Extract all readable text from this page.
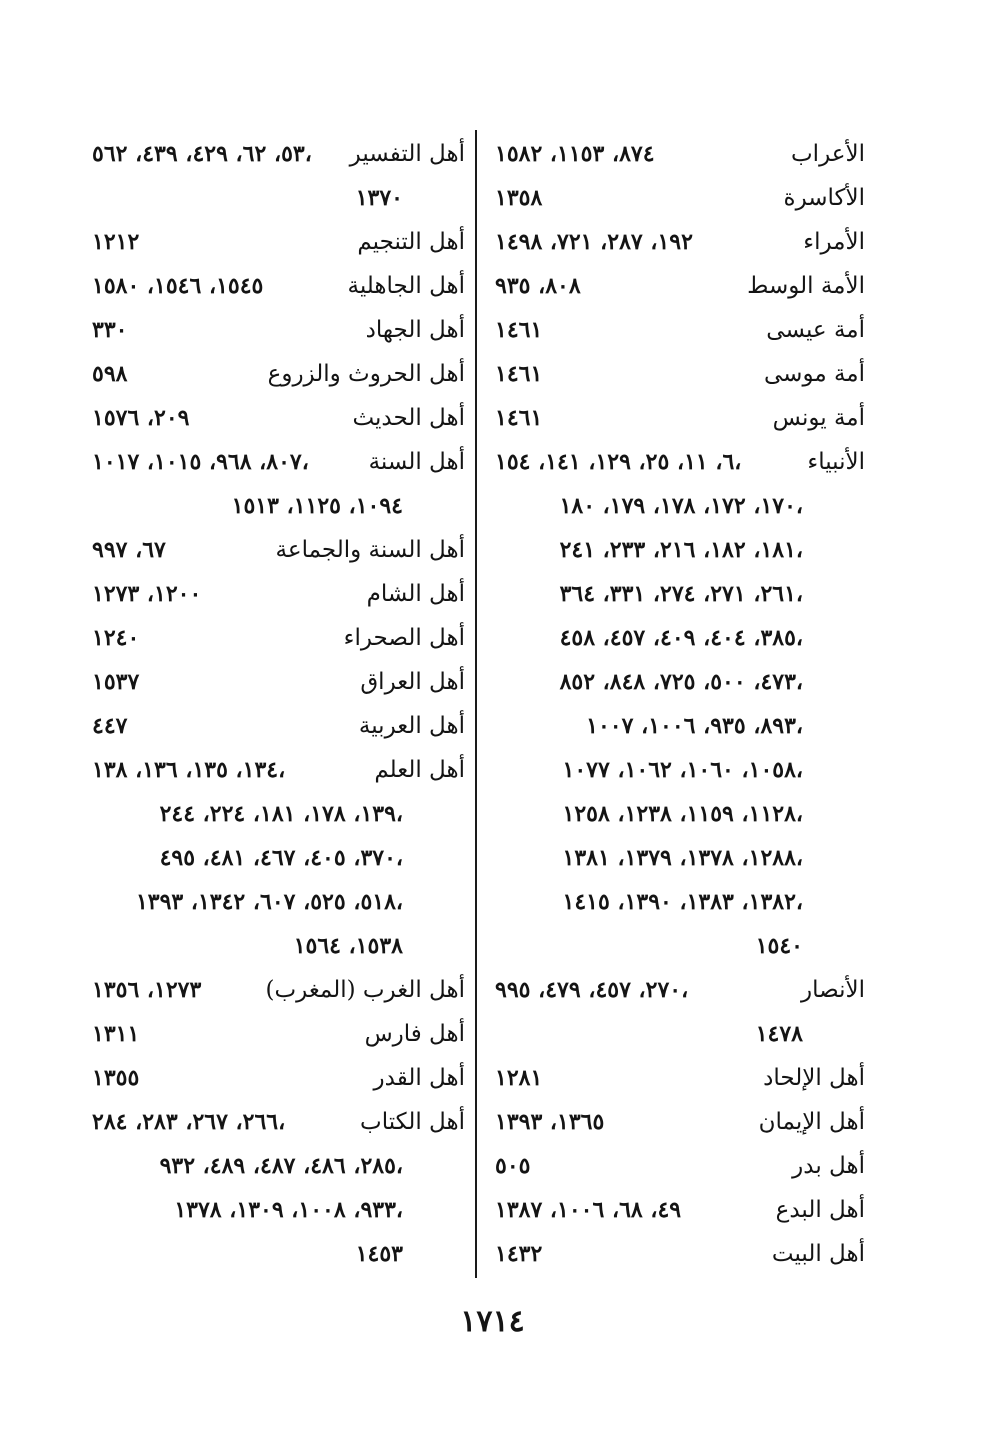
الأعراب
٨٧٤، ١١٥٣، ١٥٨٢
الأكاسرة
١٣٥٨
الأمراء
١٩٢، ٢٨٧، ٧٢١، ١٤٩٨
الأمة الوسط
٨٠٨، ٩٣٥
أمة عيسى
١٤٦١
أمة موسى
١٤٦١
أمة يونس
١٤٦١
الأنبياء
٦، ١١، ٢٥، ١٢٩، ١٤١، ١٥٤،
١٧٠، ١٧٢، ١٧٨، ١٧٩، ١٨٠،
١٨١، ١٨٢، ٢١٦، ٢٣٣، ٢٤١،
٢٦١، ٢٧١، ٢٧٤، ٣٣١، ٣٦٤،
٣٨٥، ٤٠٤، ٤٠٩، ٤٥٧، ٤٥٨،
٤٧٣، ٥٠٠، ٧٢٥، ٨٤٨، ٨٥٢،
٨٩٣، ٩٣٥، ١٠٠٦، ١٠٠٧،
١٠٥٨، ١٠٦٠، ١٠٦٢، ١٠٧٧،
١١٢٨، ١١٥٩، ١٢٣٨، ١٢٥٨،
١٢٨٨، ١٣٧٨، ١٣٧٩، ١٣٨١،
١٣٨٢، ١٣٨٣، ١٣٩٠، ١٤١٥،
١٥٤٠
الأنصار
٢٧٠، ٤٥٧، ٤٧٩، ٩٩٥،
١٤٧٨
أهل الإلحاد
١٢٨١
أهل الإيمان
١٣٦٥، ١٣٩٣
أهل بدر
٥٠٥
أهل البدع
٤٩، ٦٨، ١٠٠٦، ١٣٨٧
أهل البيت
١٤٣٢
أهل التفسير
٥٣، ٦٢، ٤٢٩، ٤٣٩، ٥٦٢،
١٣٧٠
أهل التنجيم
١٢١٢
أهل الجاهلية
١٥٤٥، ١٥٤٦، ١٥٨٠
أهل الجهاد
٣٣٠
أهل الحروث والزروع
٥٩٨
أهل الحديث
٢٠٩، ١٥٧٦
أهل السنة
٨٠٧، ٩٦٨، ١٠١٥، ١٠١٧،
١٠٩٤، ١١٢٥، ١٥١٣
أهل السنة والجماعة
٦٧، ٩٩٧
أهل الشام
١٢٠٠، ١٢٧٣
أهل الصحراء
١٢٤٠
أهل العراق
١٥٣٧
أهل العربية
٤٤٧
أهل العلم
١٣٤، ١٣٥، ١٣٦، ١٣٨،
١٣٩، ١٧٨، ١٨١، ٢٢٤، ٢٤٤،
٣٧٠، ٤٠٥، ٤٦٧، ٤٨١، ٤٩٥،
٥١٨، ٥٢٥، ٦٠٧، ١٣٤٢، ١٣٩٣،
١٥٣٨، ١٥٦٤
أهل الغرب (المغرب)
١٢٧٣، ١٣٥٦
أهل فارس
١٣١١
أهل القدر
١٣٥٥
أهل الكتاب
٢٦٦، ٢٦٧، ٢٨٣، ٢٨٤،
٢٨٥، ٤٨٦، ٤٨٧، ٤٨٩، ٩٣٢،
٩٣٣، ١٠٠٨، ١٣٠٩، ١٣٧٨،
١٤٥٣
١٧١٤
